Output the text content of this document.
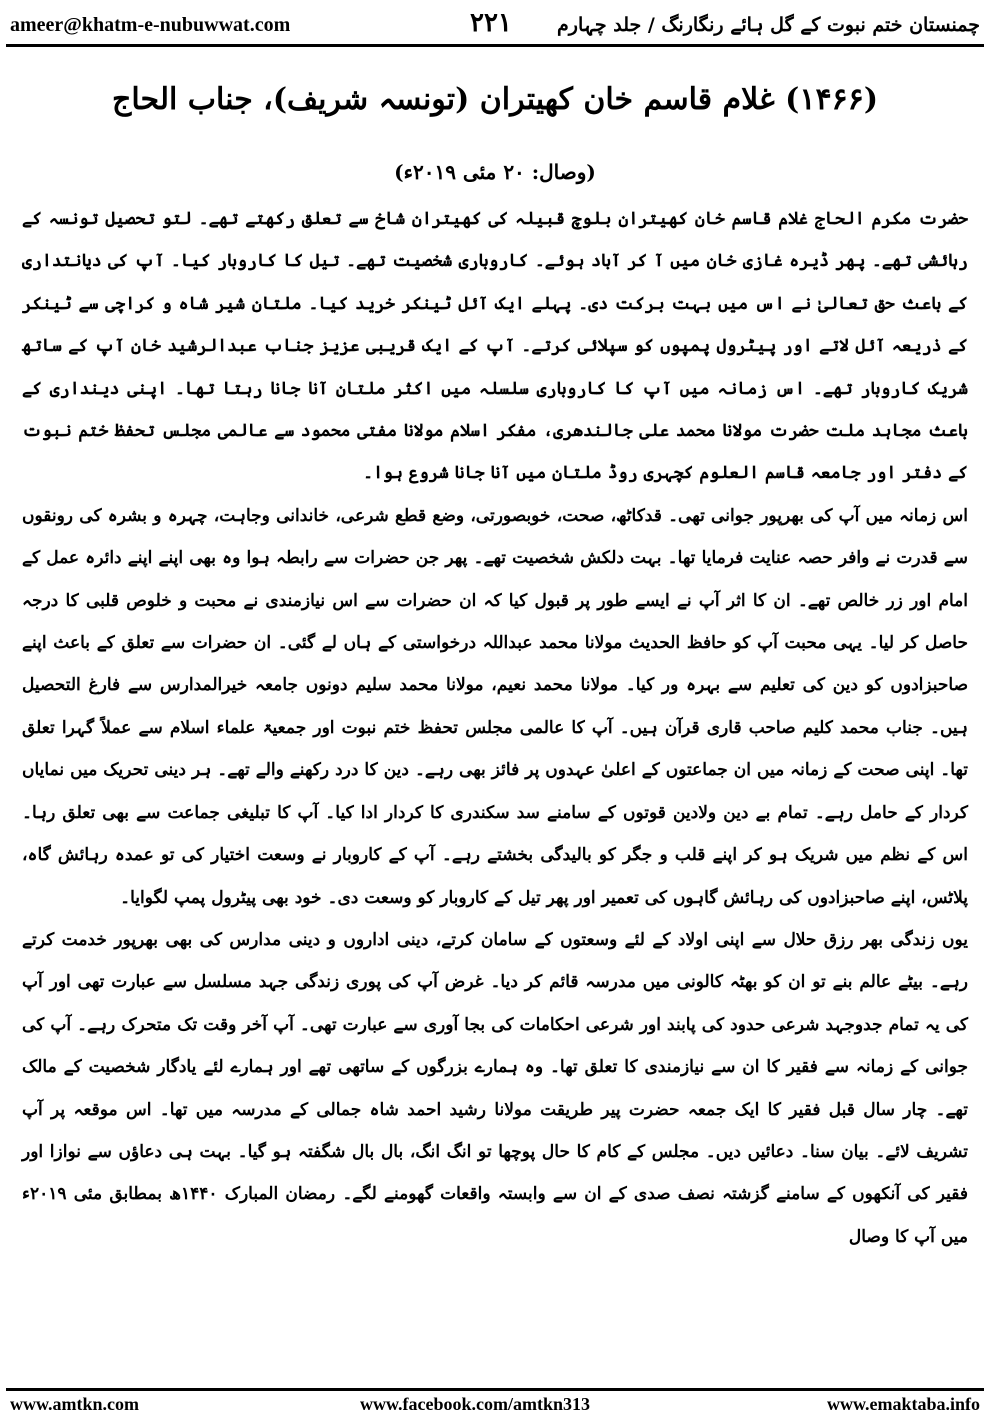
ameer@khatm-e-nubuwwat.com	۲۲۱ چمنستان ختم نبوت کے گل ہائے رنگارنگ / جلد چہارم
(۱۴۶۶) غلام قاسم خان کھیتران (تونسہ شریف)، جناب الحاج
(وصال: ۲۰ مئی ۲۰۱۹ء)

حضرت مکرم الحاج غلام قاسم خان کھیتران بلوچ قبیلہ کی کھیتران شاخ سے تعلق رکھتے تھے۔ لتو تحصیل تونسہ کے رہائشی تھے۔ پھر ڈیرہ غازی خان میں آ کر آباد ہوئے۔ کاروباری شخصیت تھے۔ تیل کا کاروبار کیا۔ آپ کی دیانتداری کے باعث حق تعالیٰ نے اس میں بہت برکت دی۔ پہلے ایک آئل ٹینکر خرید کیا۔ ملتان شیر شاہ و کراچی سے ٹینکر کے ذریعہ آئل لاتے اور پیٹرول پمپوں کو سپلائی کرتے۔ آپ کے ایک قریبی عزیز جناب عبدالرشید خان آپ کے ساتھ شریک کاروبار تھے۔ اس زمانہ میں آپ کا کاروباری سلسلہ میں اکثر ملتان آنا جانا رہتا تھا۔ اپنی دینداری کے باعث مجاہد ملت حضرت مولانا محمد علی جالندھری، مفکر اسلام مولانا مفتی محمود سے عالمی مجلس تحفظ ختم نبوت کے دفتر اور جامعہ قاسم العلوم کچہری روڈ ملتان میں آنا جانا شروع ہوا۔

اس زمانہ میں آپ کی بھرپور جوانی تھی۔ قدکاٹھ، صحت، خوبصورتی، وضع قطع شرعی، خاندانی وجاہت، چہرہ و بشرہ کی رونقوں سے قدرت نے وافر حصہ عنایت فرمایا تھا۔ بہت دلکش شخصیت تھے۔ پھر جن حضرات سے رابطہ ہوا وہ بھی اپنے اپنے دائرہ عمل کے امام اور زر خالص تھے۔ ان کا اثر آپ نے ایسے طور پر قبول کیا کہ ان حضرات سے اس نیازمندی نے محبت و خلوص قلبی کا درجہ حاصل کر لیا۔ یہی محبت آپ کو حافظ الحدیث مولانا محمد عبداللہ درخواستی کے ہاں لے گئی۔ ان حضرات سے تعلق کے باعث اپنے صاحبزادوں کو دین کی تعلیم سے بہرہ ور کیا۔ مولانا محمد نعیم، مولانا محمد سلیم دونوں جامعہ خیرالمدارس سے فارغ التحصیل ہیں۔ جناب محمد کلیم صاحب قاری قرآن ہیں۔ آپ کا عالمی مجلس تحفظ ختم نبوت اور جمعیۃ علماء اسلام سے عملاً گہرا تعلق تھا۔ اپنی صحت کے زمانہ میں ان جماعتوں کے اعلیٰ عہدوں پر فائز بھی رہے۔ دین کا درد رکھنے والے تھے۔ ہر دینی تحریک میں نمایاں کردار کے حامل رہے۔ تمام بے دین ولادین قوتوں کے سامنے سد سکندری کا کردار ادا کیا۔ آپ کا تبلیغی جماعت سے بھی تعلق رہا۔ اس کے نظم میں شریک ہو کر اپنے قلب و جگر کو بالیدگی بخشتے رہے۔ آپ کے کاروبار نے وسعت اختیار کی تو عمدہ رہائش گاہ، پلاٹس، اپنے صاحبزادوں کی رہائش گاہوں کی تعمیر اور پھر تیل کے کاروبار کو وسعت دی۔ خود بھی پیٹرول پمپ لگوایا۔

یوں زندگی بھر رزق حلال سے اپنی اولاد کے لئے وسعتوں کے سامان کرتے، دینی اداروں و دینی مدارس کی بھی بھرپور خدمت کرتے رہے۔ بیٹے عالم بنے تو ان کو بھٹہ کالونی میں مدرسہ قائم کر دیا۔ غرض آپ کی پوری زندگی جہد مسلسل سے عبارت تھی اور آپ کی یہ تمام جدوجہد شرعی حدود کی پابند اور شرعی احکامات کی بجا آوری سے عبارت تھی۔ آپ آخر وقت تک متحرک رہے۔ آپ کی جوانی کے زمانہ سے فقیر کا ان سے نیازمندی کا تعلق تھا۔ وہ ہمارے بزرگوں کے ساتھی تھے اور ہمارے لئے یادگار شخصیت کے مالک تھے۔ چار سال قبل فقیر کا ایک جمعہ حضرت پیر طریقت مولانا رشید احمد شاہ جمالی کے مدرسہ میں تھا۔ اس موقعہ پر آپ تشریف لائے۔ بیان سنا۔ دعائیں دیں۔ مجلس کے کام کا حال پوچھا تو انگ انگ، بال بال شگفتہ ہو گیا۔ بہت ہی دعاؤں سے نوازا اور فقیر کی آنکھوں کے سامنے گزشتہ نصف صدی کے ان سے وابستہ واقعات گھومنے لگے۔ رمضان المبارک ۱۴۴۰ھ بمطابق مئی ۲۰۱۹ء میں آپ کا وصال

www.amtkn.com	www.facebook.com/amtkn313	www.emaktaba.info
